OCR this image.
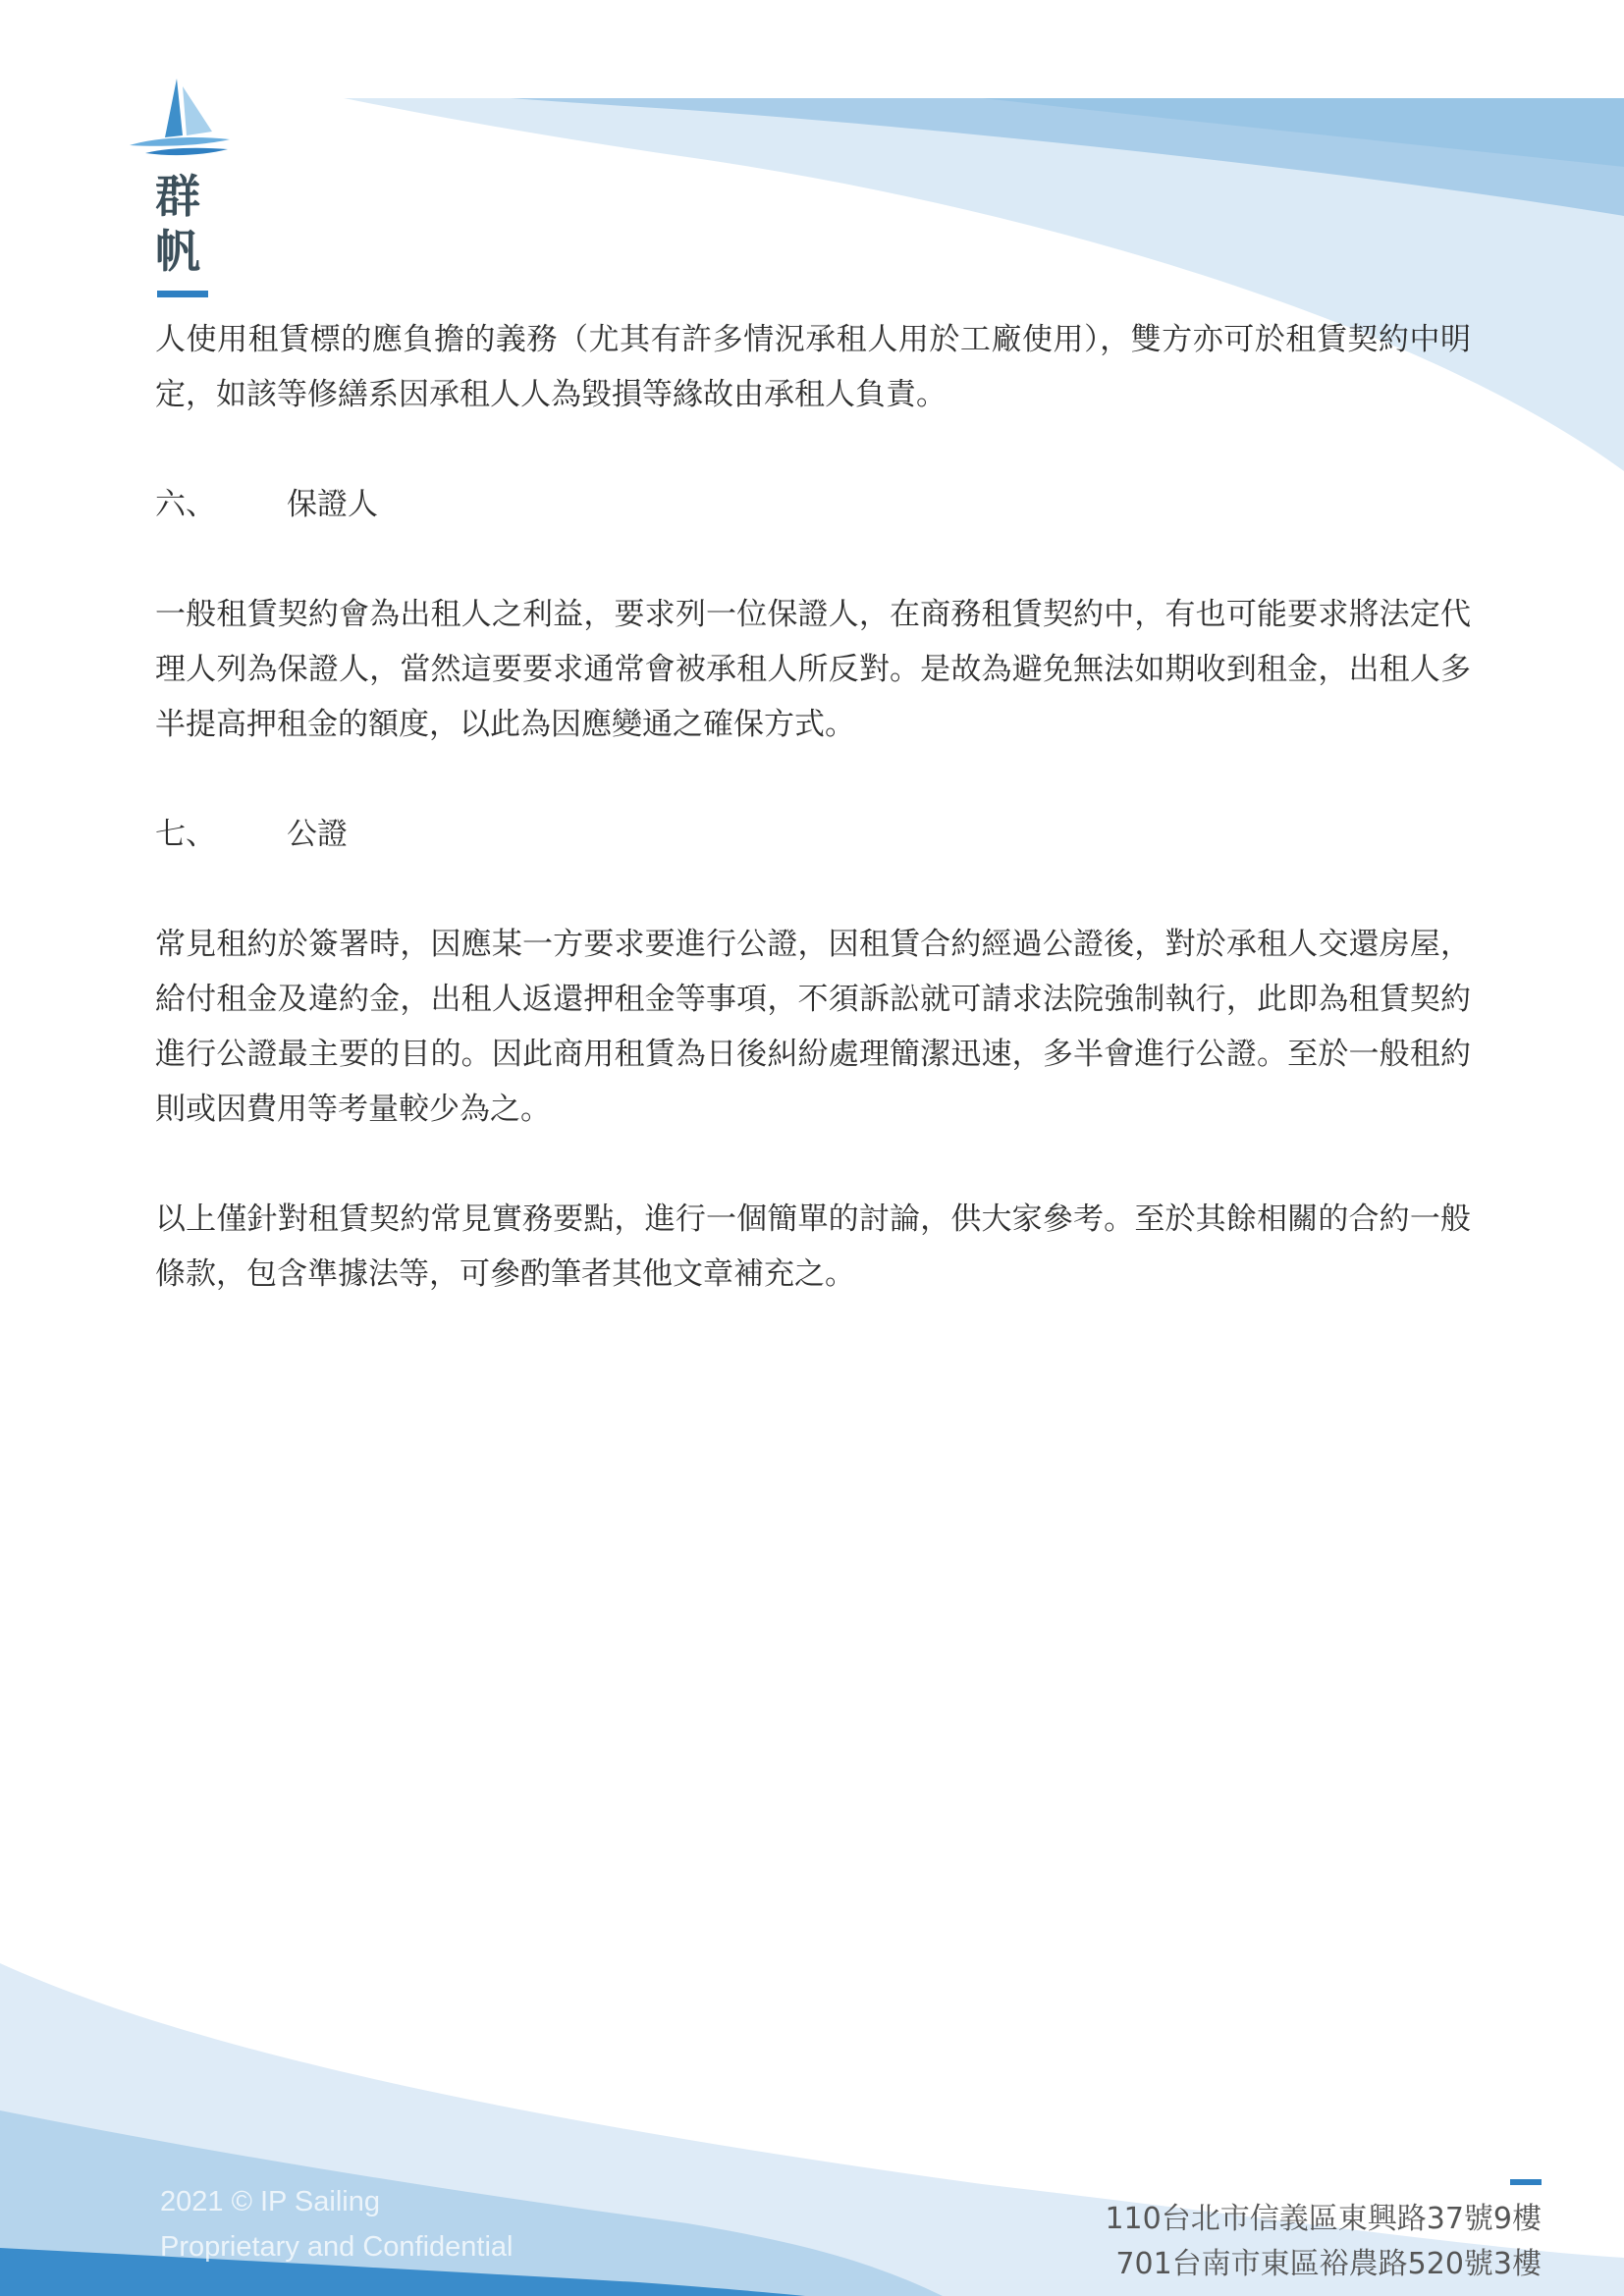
群
帆

人使用租賃標的應負擔的義務（尤其有許多情況承租人用於工廠使用），雙方亦可於租賃契約中明定，如該等修繕系因承租人人為毀損等緣故由承租人負責。

六、	保證人

一般租賃契約會為出租人之利益，要求列一位保證人，在商務租賃契約中，有也可能要求將法定代理人列為保證人，當然這要要求通常會被承租人所反對。是故為避免無法如期收到租金，出租人多半提高押租金的額度，以此為因應變通之確保方式。

七、	公證

常見租約於簽署時，因應某一方要求要進行公證，因租賃合約經過公證後，對於承租人交還房屋，給付租金及違約金，出租人返還押租金等事項，不須訴訟就可請求法院強制執行，此即為租賃契約進行公證最主要的目的。因此商用租賃為日後糾紛處理簡潔迅速，多半會進行公證。至於一般租約則或因費用等考量較少為之。

以上僅針對租賃契約常見實務要點，進行一個簡單的討論，供大家參考。至於其餘相關的合約一般條款，包含準據法等，可參酌筆者其他文章補充之。

2021 © IP Sailing
Proprietary and Confidential
110台北市信義區東興路37號9樓
701台南市東區裕農路520號3樓
